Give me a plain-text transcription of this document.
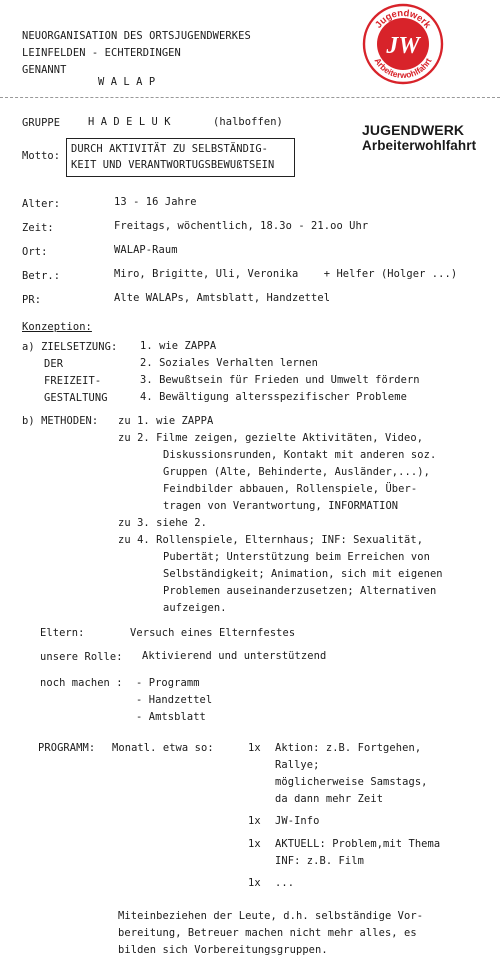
NEUORGANISATION DES ORTSJUGENDWERKES
LEINFELDEN - ECHTERDINGEN
GENANNT
W A L A P
Jugendwerk
Arbeiterwohlfahrt
JW
GRUPPE	H A D E L U K	(halboffen)	JUGENDWERK
Arbeiterwohlfahrt
Motto:
DURCH AKTIVITÄT ZU SELBSTÄNDIG-
KEIT UND VERANTWORTUGSBEWUßTSEIN
Alter:	13 - 16 Jahre
Zeit:	Freitags, wöchentlich, 18.3o - 21.oo Uhr
Ort:	WALAP-Raum
Betr.:	Miro, Brigitte, Uli, Veronika    + Helfer (Holger ...)
PR:	Alte WALAPs, Amtsblatt, Handzettel
Konzeption:
a) ZIELSETZUNG:
DER
FREIZEIT-
GESTALTUNG
1. wie ZAPPA
2. Soziales Verhalten lernen
3. Bewußtsein für Frieden und Umwelt fördern
4. Bewältigung altersspezifischer Probleme
b) METHODEN: zu 1. wie ZAPPA
zu 2. Filme zeigen, gezielte Aktivitäten, Video,
Diskussionsrunden, Kontakt mit anderen soz.
Gruppen (Alte, Behinderte, Ausländer,...),
Feindbilder abbauen, Rollenspiele, Über-
tragen von Verantwortung, INFORMATION
zu 3. siehe 2.
zu 4. Rollenspiele, Elternhaus; INF: Sexualität,
Pubertät; Unterstützung beim Erreichen von
Selbständigkeit; Animation, sich mit eigenen
Problemen auseinanderzusetzen; Alternativen
aufzeigen.
Eltern:	Versuch eines Elternfestes
unsere Rolle: Aktivierend und unterstützend
noch machen : - Programm
- Handzettel
- Amtsblatt
PROGRAMM: Monatl. etwa so:	1x Aktion: z.B. Fortgehen,
Rallye;
möglicherweise Samstags,
da dann mehr Zeit
1x JW-Info
1x AKTUELL: Problem,mit Thema
INF: z.B. Film
1x ...
Miteinbeziehen der Leute, d.h. selbständige Vor-
bereitung, Betreuer machen nicht mehr alles, es
bilden sich Vorbereitungsgruppen.
